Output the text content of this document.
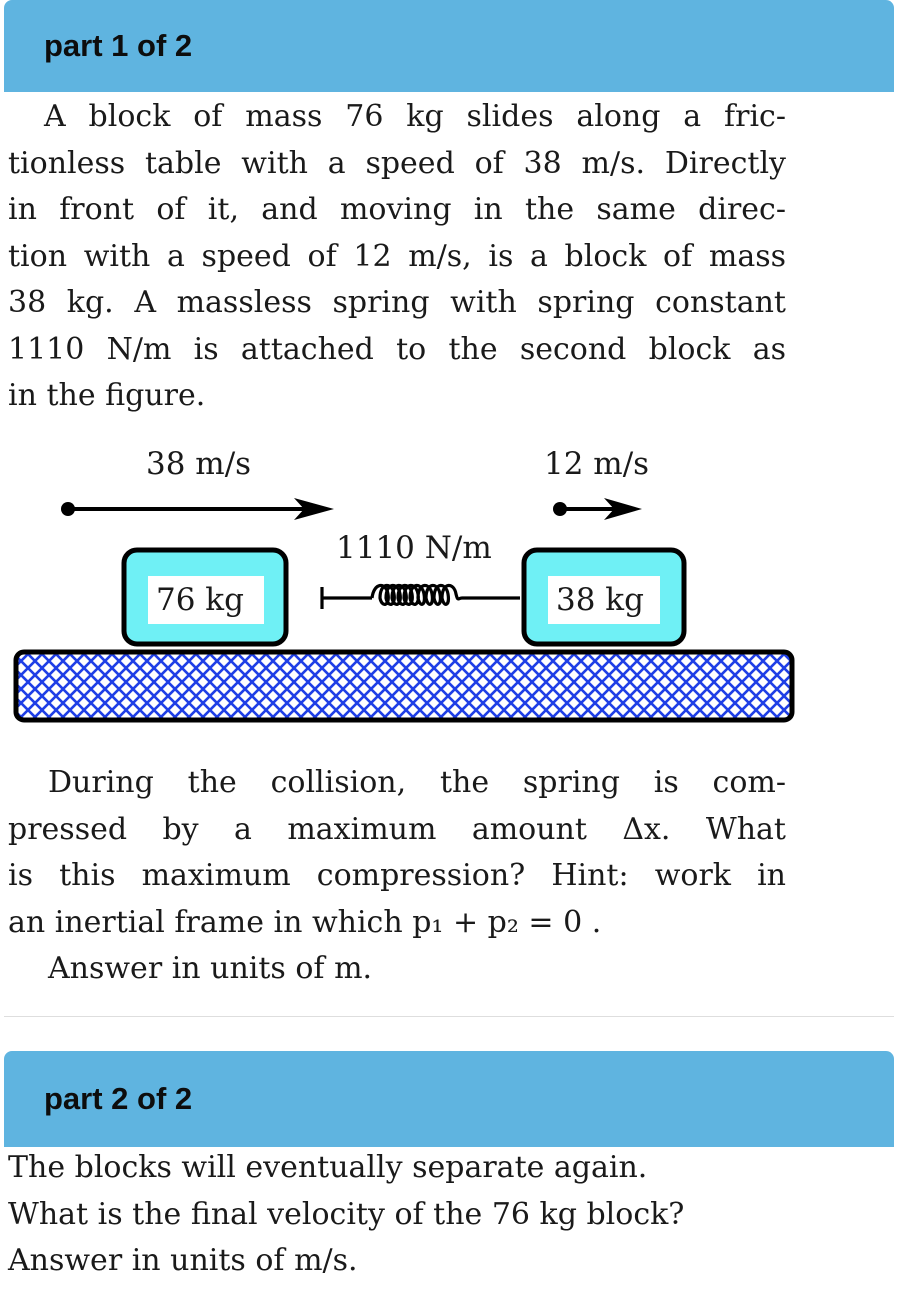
part 1 of 2
A block of mass 76 kg slides along a fric-
tionless table with a speed of 38 m/s. Directly
in front of it, and moving in the same direc-
tion with a speed of 12 m/s, is a block of mass
38 kg. A massless spring with spring constant
1110 N/m is attached to the second block as
in the figure.
38 m/s	12 m/s
1110 N/m
76 kg	38 kg
During the collision, the spring is com-
pressed by a maximum amount Δx. What
is this maximum compression? Hint: work in
an inertial frame in which p₁ + p₂ = 0 .
Answer in units of m.
part 2 of 2
The blocks will eventually separate again.
What is the final velocity of the 76 kg block?
Answer in units of m/s.
